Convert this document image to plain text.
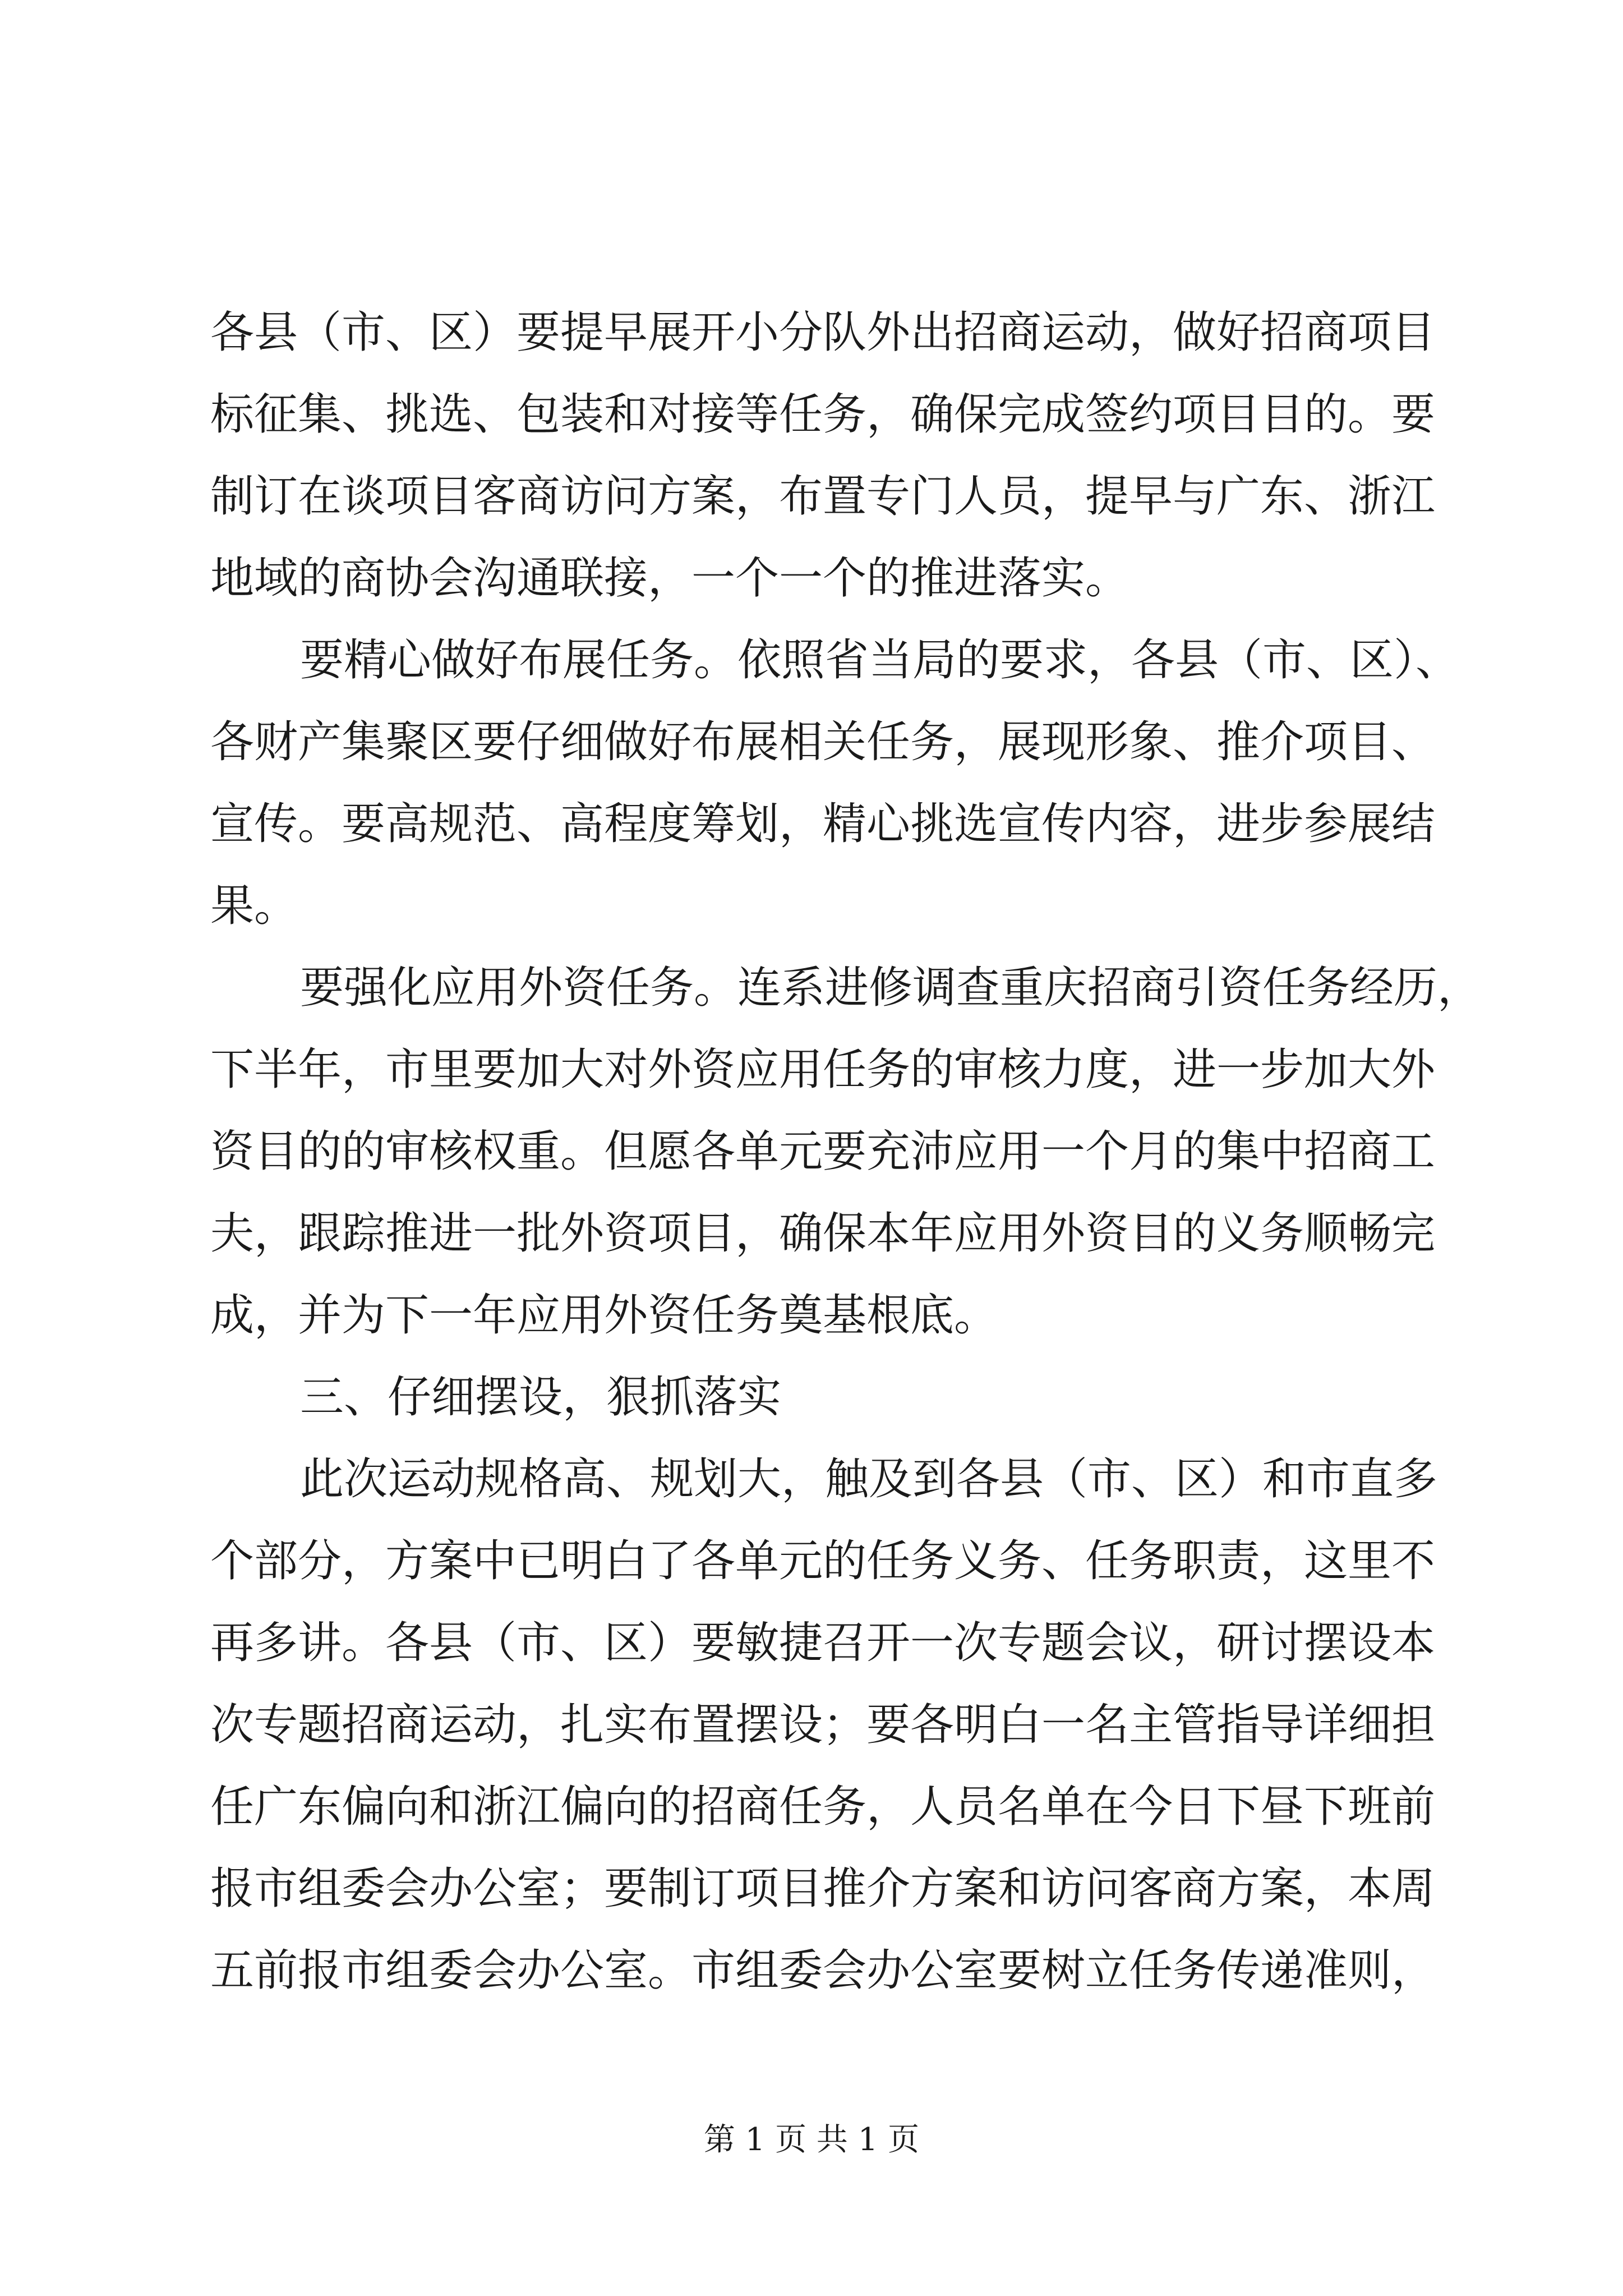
各县（市、区）要提早展开小分队外出招商运动，做好招商项目
标征集、挑选、包装和对接等任务，确保完成签约项目目的。要
制订在谈项目客商访问方案，布置专门人员，提早与广东、浙江
地域的商协会沟通联接，一个一个的推进落实。
要精心做好布展任务。依照省当局的要求，各县（市、区）、
各财产集聚区要仔细做好布展相关任务，展现形象、推介项目、
宣传。要高规范、高程度筹划，精心挑选宣传内容，进步参展结
果。
要强化应用外资任务。连系进修调查重庆招商引资任务经历，
下半年，市里要加大对外资应用任务的审核力度，进一步加大外
资目的的审核权重。但愿各单元要充沛应用一个月的集中招商工
夫，跟踪推进一批外资项目，确保本年应用外资目的义务顺畅完
成，并为下一年应用外资任务奠基根底。
三、仔细摆设，狠抓落实
此次运动规格高、规划大，触及到各县（市、区）和市直多
个部分，方案中已明白了各单元的任务义务、任务职责，这里不
再多讲。各县（市、区）要敏捷召开一次专题会议，研讨摆设本
次专题招商运动，扎实布置摆设；要各明白一名主管指导详细担
任广东偏向和浙江偏向的招商任务，人员名单在今日下昼下班前
报市组委会办公室；要制订项目推介方案和访问客商方案，本周
五前报市组委会办公室。市组委会办公室要树立任务传递准则，
第 1 页 共 1 页
